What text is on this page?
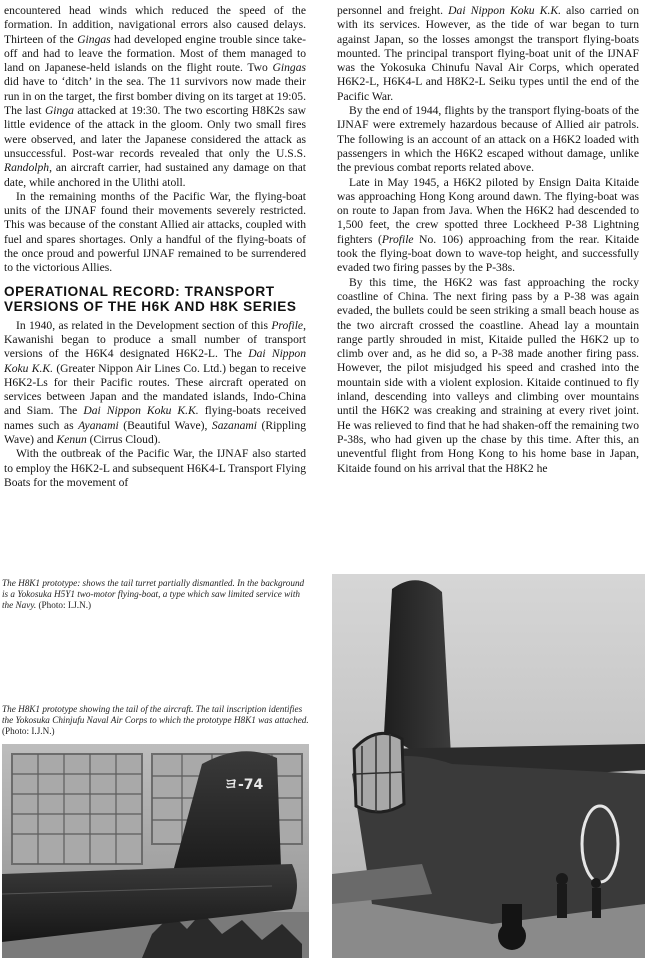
encountered head winds which reduced the speed of the formation. In addition, navigational errors also caused delays. Thirteen of the Gingas had developed engine trouble since take-off and had to leave the formation. Most of them managed to land on Japanese-held islands on the flight route. Two Gingas did have to ‘ditch’ in the sea. The 11 survivors now made their run in on the target, the first bomber diving on its target at 19:05. The last Ginga attacked at 19:30. The two escorting H8K2s saw little evidence of the attack in the gloom. Only two small fires were observed, and later the Japanese considered the attack as unsuccessful. Post-war records revealed that only the U.S.S. Randolph, an aircraft carrier, had sustained any damage on that date, while anchored in the Ulithi atoll.

In the remaining months of the Pacific War, the flying-boat units of the IJNAF found their movements severely restricted. This was because of the constant Allied air attacks, coupled with fuel and spares shortages. Only a handful of the flying-boats of the once proud and powerful IJNAF remained to be surrendered to the victorious Allies.

OPERATIONAL RECORD: TRANSPORT VERSIONS OF THE H6K AND H8K SERIES

In 1940, as related in the Development section of this Profile, Kawanishi began to produce a small number of transport versions of the H6K4 designated H6K2-L. The Dai Nippon Koku K.K. (Greater Nippon Air Lines Co. Ltd.) began to receive H6K2-Ls for their Pacific routes. These aircraft operated on services between Japan and the mandated islands, Indo-China and Siam. The Dai Nippon Koku K.K. flying-boats received names such as Ayanami (Beautiful Wave), Sazanami (Rippling Wave) and Kenun (Cirrus Cloud).

With the outbreak of the Pacific War, the IJNAF also started to employ the H6K2-L and subsequent H6K4-L Transport Flying Boats for the movement of

personnel and freight. Dai Nippon Koku K.K. also carried on with its services. However, as the tide of war began to turn against Japan, so the losses amongst the transport flying-boats mounted. The principal transport flying-boat unit of the IJNAF was the Yokosuka Chinufu Naval Air Corps, which operated H6K2-L, H6K4-L and H8K2-L Seiku types until the end of the Pacific War.

By the end of 1944, flights by the transport flying-boats of the IJNAF were extremely hazardous because of Allied air patrols. The following is an account of an attack on a H6K2 loaded with passengers in which the H6K2 escaped without damage, unlike the previous combat reports related above.

Late in May 1945, a H6K2 piloted by Ensign Daita Kitaide was approaching Hong Kong around dawn. The flying-boat was on route to Japan from Java. When the H6K2 had descended to 1,500 feet, the crew spotted three Lockheed P-38 Lightning fighters (Profile No. 106) approaching from the rear. Kitaide took the flying-boat down to wave-top height, and successfully evaded two firing passes by the P-38s.

By this time, the H6K2 was fast approaching the rocky coastline of China. The next firing pass by a P-38 was again evaded, the bullets could be seen striking a small beach house as the two aircraft crossed the coastline. Ahead lay a mountain range partly shrouded in mist, Kitaide pulled the H6K2 up to climb over and, as he did so, a P-38 made another firing pass. However, the pilot misjudged his speed and crashed into the mountain side with a violent explosion. Kitaide continued to fly inland, descending into valleys and climbing over mountains until the H6K2 was creaking and straining at every rivet joint. He was relieved to find that he had shaken-off the remaining two P-38s, who had given up the chase by this time. After this, an uneventful flight from Hong Kong to his home base in Japan, Kitaide found on his arrival that the H8K2 he

The H8K1 prototype: shows the tail turret partially dismantled. In the background is a Yokosuka H5Y1 two-motor flying-boat, a type which saw limited service with the Navy. (Photo: I.J.N.)
The H8K1 prototype showing the tail of the aircraft. The tail inscription identifies the Yokosuka Chinjufu Naval Air Corps to which the prototype H8K1 was attached. (Photo: I.J.N.)
ヨ-74
